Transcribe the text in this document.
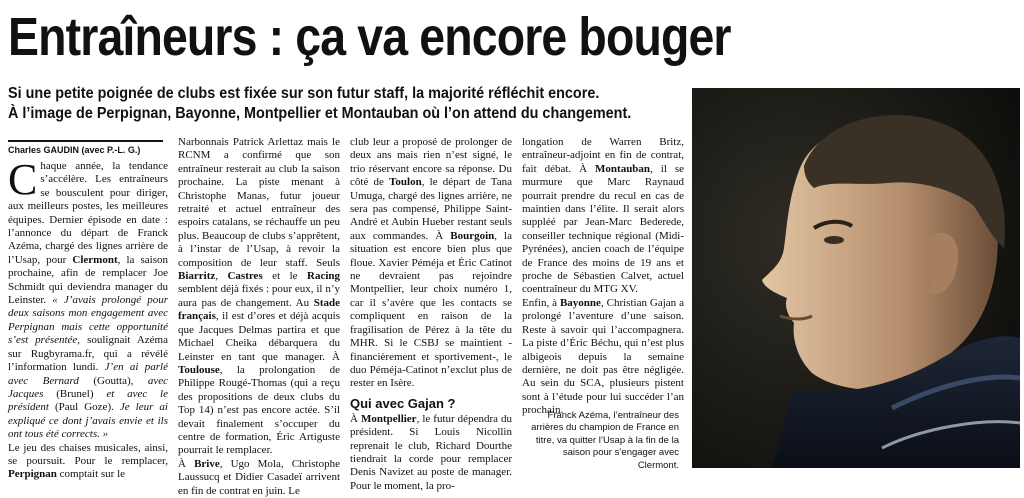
Entraîneurs : ça va encore bouger
Si une petite poignée de clubs est fixée sur son futur staff, la majorité réfléchit encore.
À l’image de Perpignan, Bayonne, Montpellier et Montauban où l’on attend du changement.
Charles GAUDIN (avec P.-L. G.)

Chaque année, la tendance s’accélère. Les entraîneurs se bousculent pour diriger, aux meilleurs postes, les meilleures équipes. Dernier épisode en date : l’annonce du départ de Franck Azéma, chargé des lignes arrière de l’Usap, pour Clermont, la saison prochaine, afin de remplacer Joe Schmidt qui deviendra manager du Leinster. « J’avais prolongé pour deux saisons mon engagement avec Perpignan mais cette opportunité s’est présentée, soulignait Azéma sur Rugbyrama.fr, qui a révélé l’information lundi. J’en ai parlé avec Bernard (Goutta), avec Jacques (Brunel) et avec le président (Paul Goze). Je leur ai expliqué ce dont j’avais envie et ils ont tous été corrects. »

Le jeu des chaises musicales, ainsi, se poursuit. Pour le remplacer, Perpignan comptait sur le

Narbonnais Patrick Arlettaz mais le RCNM a confirmé que son entraîneur resterait au club la saison prochaine. La piste menant à Christophe Manas, futur joueur retraité et actuel entraîneur des espoirs catalans, se réchauffe un peu plus. Beaucoup de clubs s’apprêtent, à l’instar de l’Usap, à revoir la composition de leur staff. Seuls Biarritz, Castres et le Racing semblent déjà fixés : pour eux, il n’y aura pas de changement. Au Stade français, il est d’ores et déjà acquis que Jacques Delmas partira et que Michael Cheika débarquera du Leinster en tant que manager. À Toulouse, la prolongation de Philippe Rougé-Thomas (qui a reçu des propositions de deux clubs du Top 14) n’est pas encore actée. S’il devait finalement s’occuper du centre de formation, Éric Artiguste pourrait le remplacer.

À Brive, Ugo Mola, Christophe Laussucq et Didier Casadeï arrivent en fin de contrat en juin. Le

club leur a proposé de prolonger de deux ans mais rien n’est signé, le trio réservant encore sa réponse. Du côté de Toulon, le départ de Tana Umuga, chargé des lignes arrière, ne sera pas compensé, Philippe Saint-André et Aubin Hueber restant seuls aux commandes. À Bourgoin, la situation est encore bien plus que floue. Xavier Péméja et Éric Catinot ne devraient pas rejoindre Montpellier, leur choix numéro 1, car il s’avère que les contacts se compliquent en raison de la fragilisation de Pérez à la tête du MHR. Si le CSBJ se maintient -financièrement et sportivement-, le duo Péméja-Catinot n’exclut plus de rester en Isère.

Qui avec Gajan ?

À Montpellier, le futur dépendra du président. Si Louis Nicollin reprenait le club, Richard Dourthe tiendrait la corde pour remplacer Denis Navizet au poste de manager. Pour le moment, la pro-

longation de Warren Britz, entraîneur-adjoint en fin de contrat, fait débat. À Montauban, il se murmure que Marc Raynaud pourrait prendre du recul en cas de maintien dans l’élite. Il serait alors suppléé par Jean-Marc Bederede, conseiller technique régional (Midi-Pyrénées), ancien coach de l’équipe de France des moins de 19 ans et proche de Sébastien Calvet, actuel coentraîneur du MTG XV.

Enfin, à Bayonne, Christian Gajan a prolongé l’aventure d’une saison. Reste à savoir qui l’accompagnera. La piste d’Éric Béchu, qui n’est plus albigeois depuis la semaine dernière, ne doit pas être négligée. Au sein du SCA, plusieurs pistent sont à l’étude pour lui succéder l’an prochain.

Franck Azéma, l’entraîneur des arrières du champion de France en titre, va quitter l’Usap à la fin de la saison pour s’engager avec Clermont.
